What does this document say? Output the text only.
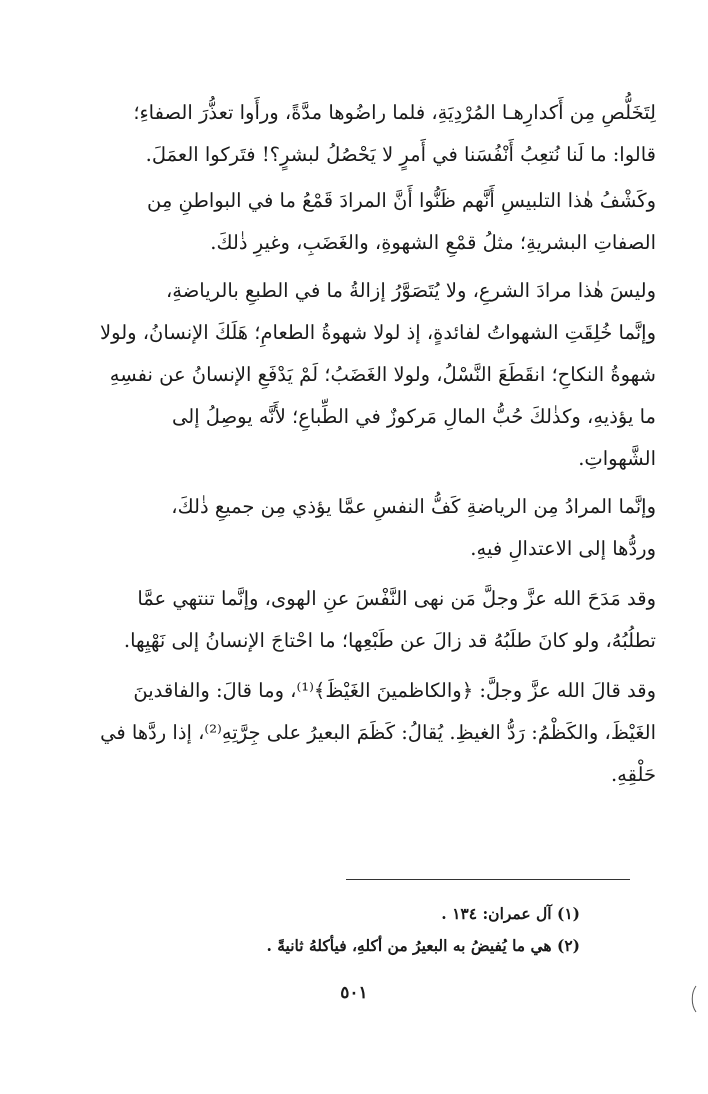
لِتَخَلُّصِ مِن أَكدارِهـا المُرْدِيَةِ، فلما راضُوها مدَّةً، ورأَوا تعذُّرَ الصفاءِ؛
قالوا: ما لَنا نُتعِبُ أَنْفُسَنا في أَمرٍ لا يَحْصُلُ لبشرٍ؟! فتَركوا العمَلَ.
وكَشْفُ هٰذا التلبيسِ أَنَّهم ظَنُّوا أَنَّ المرادَ قَمْعُ ما في البواطنِ مِن
الصفاتِ البشريةِ؛ مثلُ قمْعِ الشهوةِ، والغَضَبِ، وغيرِ ذٰلكَ.
وليسَ هٰذا مرادَ الشرعِ، ولا يُتَصَوَّرُ إزالةُ ما في الطبعِ بالرياضةِ،
وإنَّما خُلِقَتِ الشهواتُ لفائدةٍ، إذ لولا شهوةُ الطعامِ؛ هَلَكَ الإنسانُ، ولولا
شهوةُ النكاحِ؛ انقَطَعَ النَّسْلُ، ولولا الغَضَبُ؛ لَمْ يَدْفَعِ الإنسانُ عن نفسِهِ
ما يؤذيهِ، وكذٰلكَ حُبُّ المالِ مَركوزٌ في الطِّباعِ؛ لأَنَّه يوصِلُ إلى
الشَّهواتِ.
وإنَّما المرادُ مِن الرياضةِ كَفُّ النفسِ عمَّا يؤذي مِن جميعِ ذٰلكَ،
وردُّها إلى الاعتدالِ فيهِ.
وقد مَدَحَ الله عزَّ وجلَّ مَن نهى النَّفْسَ عنِ الهوى، وإنَّما تنتهي عمَّا
تطلُبُهُ، ولو كانَ طلَبُهُ قد زالَ عن طَبْعِها؛ ما احْتاجَ الإنسانُ إلى نَهْيِها.
وقد قالَ الله عزَّ وجلَّ: ﴿والكاظمينَ الغَيْظَ﴾⁽¹⁾، وما قالَ: والفاقدينَ
الغَيْظَ، والكَظْمُ: رَدُّ الغيظِ. يُقالُ: كَظَمَ البعيرُ على جِرَّتِهِ⁽²⁾، إذا ردَّها في
حَلْقِهِ.
(١) آل عمران: ١٣٤ .
(٢) هي ما يُفيضُ به البعيرُ من أكلهِ، فيأكلهُ ثانيةً .
٥٠١
